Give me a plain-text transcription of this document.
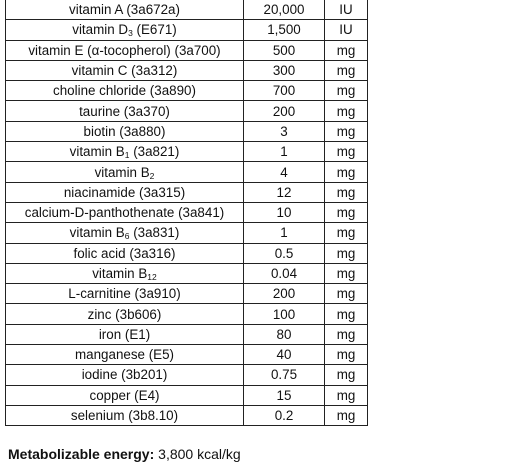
vitamin A (3a672a)	20,000	IU
vitamin $D_3$ (E671)	1,500	IU
vitamin E (α-tocopherol) (3a700)	500	mg
vitamin C (3a312)	300	mg
choline chloride (3a890)	700	mg
taurine (3a370)	200	mg
biotin (3a880)	3	mg
vitamin $B_1$ (3a821)	1	mg
vitamin $B_2$	4	mg
niacinamide (3a315)	12	mg
calcium-D-panthothenate (3a841)	10	mg
vitamin $B_6$ (3a831)	1	mg
folic acid (3a316)	0.5	mg
vitamin $B_{12}$	0.04	mg
L-carnitine (3a910)	200	mg
zinc (3b606)	100	mg
iron (E1)	80	mg
manganese (E5)	40	mg
iodine (3b201)	0.75	mg
copper (E4)	15	mg
selenium (3b8.10)	0.2	mg
Metabolizable energy: 3,800 kcal/kg
